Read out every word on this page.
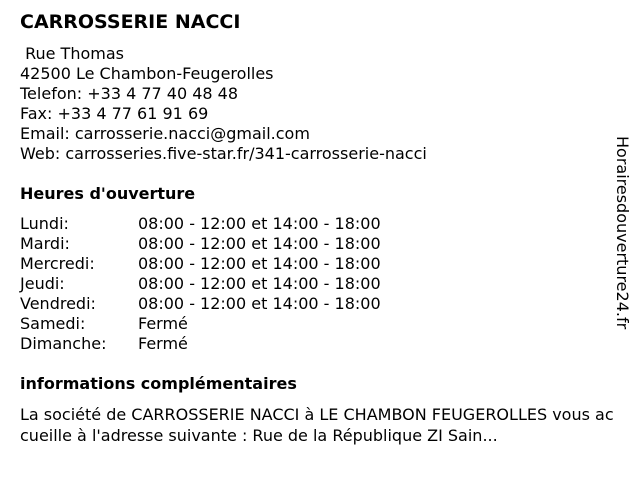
CARROSSERIE NACCI
Rue Thomas
42500 Le Chambon-Feugerolles
Telefon: +33 4 77 40 48 48
Fax: +33 4 77 61 91 69
Email: carrosserie.nacci@gmail.com
Web: carrosseries.five-star.fr/341-carrosserie-nacci
Heures d'ouverture
Lundi:	08:00 - 12:00 et 14:00 - 18:00
Mardi:	08:00 - 12:00 et 14:00 - 18:00
Mercredi:	08:00 - 12:00 et 14:00 - 18:00
Jeudi:	08:00 - 12:00 et 14:00 - 18:00
Vendredi:	08:00 - 12:00 et 14:00 - 18:00
Samedi:	Fermé
Dimanche: Fermé
informations complémentaires
La société de CARROSSERIE NACCI à LE CHAMBON FEUGEROLLES vous accueille à l'adresse suivante : Rue de la République ZI Sain...
Horairesdouverture24.fr
